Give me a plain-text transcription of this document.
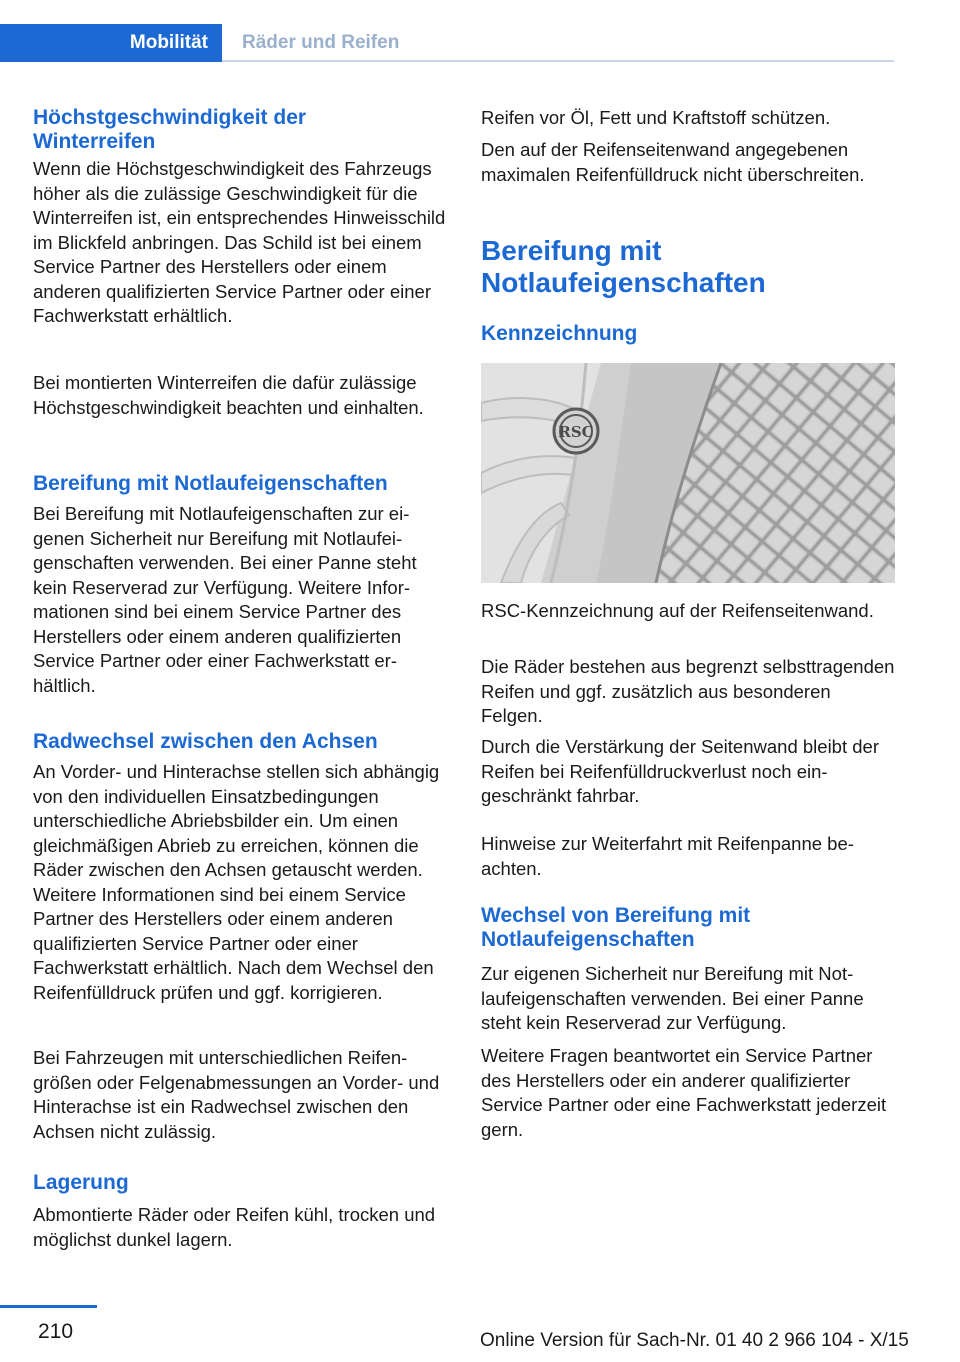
Mobilität	Räder und Reifen
Höchstgeschwindigkeit der Winterreifen

Wenn die Höchstgeschwindigkeit des Fahrzeugs höher als die zulässige Geschwindigkeit für die Winterreifen ist, ein entsprechendes Hinweisschild im Blickfeld anbringen. Das Schild ist bei einem Service Partner des Herstellers oder einem anderen qualifizierten Service Partner oder einer Fachwerkstatt erhältlich.

Bei montierten Winterreifen die dafür zulässige Höchstgeschwindigkeit beachten und einhalten.

Bereifung mit Notlaufeigenschaften

Bei Bereifung mit Notlaufeigenschaften zur eigenen Sicherheit nur Bereifung mit Notlaufeigenschaften verwenden. Bei einer Panne steht kein Reserverad zur Verfügung. Weitere Informationen sind bei einem Service Partner des Herstellers oder einem anderen qualifizierten Service Partner oder einer Fachwerkstatt erhältlich.

Radwechsel zwischen den Achsen

An Vorder- und Hinterachse stellen sich abhängig von den individuellen Einsatzbedingungen unterschiedliche Abriebsbilder ein. Um einen gleichmäßigen Abrieb zu erreichen, können die Räder zwischen den Achsen getauscht werden. Weitere Informationen sind bei einem Service Partner des Herstellers oder einem anderen qualifizierten Service Partner oder einer Fachwerkstatt erhältlich. Nach dem Wechsel den Reifenfülldruck prüfen und ggf. korrigieren.

Bei Fahrzeugen mit unterschiedlichen Reifengrößen oder Felgenabmessungen an Vorder- und Hinterachse ist ein Radwechsel zwischen den Achsen nicht zulässig.

Lagerung

Abmontierte Räder oder Reifen kühl, trocken und möglichst dunkel lagern.

Reifen vor Öl, Fett und Kraftstoff schützen.

Den auf der Reifenseitenwand angegebenen maximalen Reifenfülldruck nicht überschreiten.

Bereifung mit Notlaufeigenschaften
Kennzeichnung
RSC

RSC-Kennzeichnung auf der Reifenseitenwand.

Die Räder bestehen aus begrenzt selbsttragenden Reifen und ggf. zusätzlich aus besonderen Felgen.

Durch die Verstärkung der Seitenwand bleibt der Reifen bei Reifenfülldruckverlust noch eingeschränkt fahrbar.

Hinweise zur Weiterfahrt mit Reifenpanne beachten.

Wechsel von Bereifung mit Notlaufeigenschaften

Zur eigenen Sicherheit nur Bereifung mit Notlaufeigenschaften verwenden. Bei einer Panne steht kein Reserverad zur Verfügung.

Weitere Fragen beantwortet ein Service Partner des Herstellers oder ein anderer qualifizierter Service Partner oder eine Fachwerkstatt jederzeit gern.

210	Online Version für Sach-Nr. 01 40 2 966 104 - X/15
